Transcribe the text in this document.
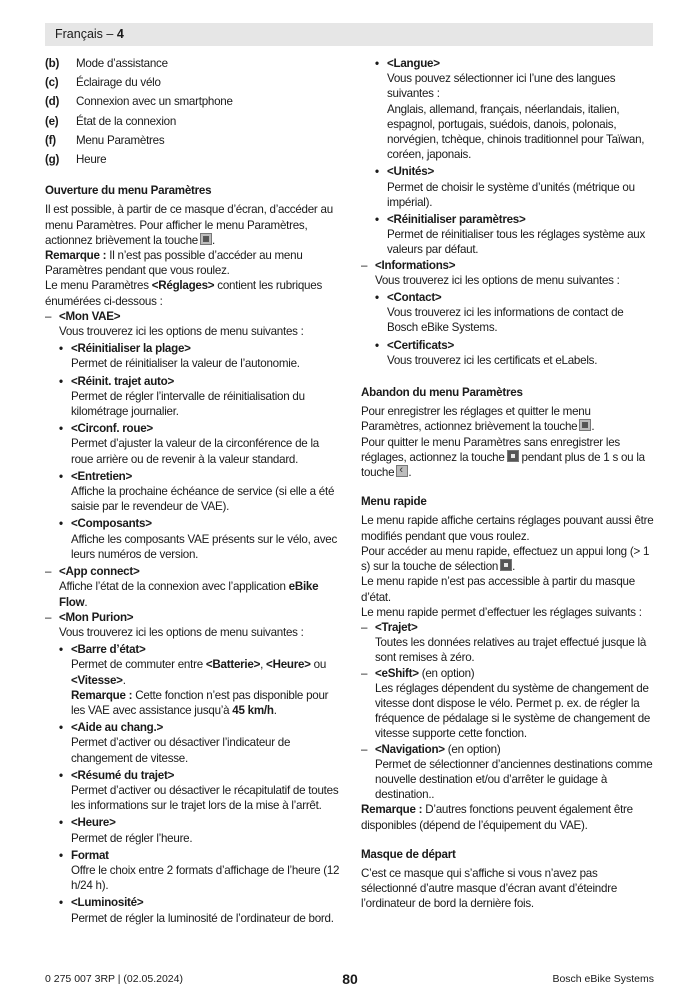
Français – 4
(b)	Mode d’assistance
(c)	Éclairage du vélo
(d)	Connexion avec un smartphone
(e)	État de la connexion
(f)	Menu Paramètres
(g)	Heure

Ouverture du menu Paramètres

Il est possible, à partir de ce masque d’écran, d’accéder au menu Paramètres. Pour afficher le menu Paramètres, actionnez brièvement la touche .

Remarque : Il n’est pas possible d’accéder au menu Paramètres pendant que vous roulez.

Le menu Paramètres <Réglages> contient les rubriques énumérées ci-dessous :

– <Mon VAE>

Vous trouverez ici les options de menu suivantes :

• <Réinitialiser la plage>

Permet de réinitialiser la valeur de l’autonomie.

• <Réinit. trajet auto>

Permet de régler l’intervalle de réinitialisation du kilométrage journalier.

• <Circonf. roue>

Permet d’ajuster la valeur de la circonférence de la roue arrière ou de revenir à la valeur standard.

• <Entretien>

Affiche la prochaine échéance de service (si elle a été saisie par le revendeur de VAE).

• <Composants>

Affiche les composants VAE présents sur le vélo, avec leurs numéros de version.

– <App connect>

Affiche l’état de la connexion avec l’application eBike Flow.

– <Mon Purion>

Vous trouverez ici les options de menu suivantes :

• <Barre d’état>

Permet de commuter entre <Batterie>, <Heure> ou <Vitesse>.

Remarque : Cette fonction n’est pas disponible pour les VAE avec assistance jusqu’à 45 km/h.

• <Aide au chang.>

Permet d’activer ou désactiver l’indicateur de changement de vitesse.

• <Résumé du trajet>

Permet d’activer ou désactiver le récapitulatif de toutes les informations sur le trajet lors de la mise à l’arrêt.

• <Heure>

Permet de régler l’heure.

• Format

Offre le choix entre 2 formats d’affichage de l’heure (12 h/24 h).

• <Luminosité>

Permet de régler la luminosité de l’ordinateur de bord.

• <Langue>

Vous pouvez sélectionner ici l’une des langues suivantes :

Anglais, allemand, français, néerlandais, italien, espagnol, portugais, suédois, danois, polonais, norvégien, tchèque, chinois traditionnel pour Taïwan, coréen, japonais.

• <Unités>

Permet de choisir le système d’unités (métrique ou impérial).

• <Réinitialiser paramètres>

Permet de réinitialiser tous les réglages système aux valeurs par défaut.

– <Informations>

Vous trouverez ici les options de menu suivantes :

• <Contact>

Vous trouverez ici les informations de contact de Bosch eBike Systems.

• <Certificats>

Vous trouverez ici les certificats et eLabels.

Abandon du menu Paramètres

Pour enregistrer les réglages et quitter le menu Paramètres, actionnez brièvement la touche .

Pour quitter le menu Paramètres sans enregistrer les réglages, actionnez la touche pendant plus de 1 s ou la touche‹ .

Menu rapide

Le menu rapide affiche certains réglages pouvant aussi être modifiés pendant que vous roulez.

Pour accéder au menu rapide, effectuez un appui long (> 1 s) sur la touche de sélection .

Le menu rapide n’est pas accessible à partir du masque d’état.

Le menu rapide permet d’effectuer les réglages suivants :

– <Trajet>

Toutes les données relatives au trajet effectué jusque là sont remises à zéro.

– <eShift> (en option)

Les réglages dépendent du système de changement de vitesse dont dispose le vélo. Permet p. ex. de régler la fréquence de pédalage si le système de changement de vitesse supporte cette fonction.

– <Navigation> (en option)

Permet de sélectionner d’anciennes destinations comme nouvelle destination et/ou d’arrêter le guidage à destination..

Remarque : D’autres fonctions peuvent également être disponibles (dépend de l’équipement du VAE).

Masque de départ

C’est ce masque qui s’affiche si vous n’avez pas sélectionné d’autre masque d’écran avant d’éteindre l’ordinateur de bord la dernière fois.

0 275 007 3RP | (02.05.2024)	80	Bosch eBike Systems
